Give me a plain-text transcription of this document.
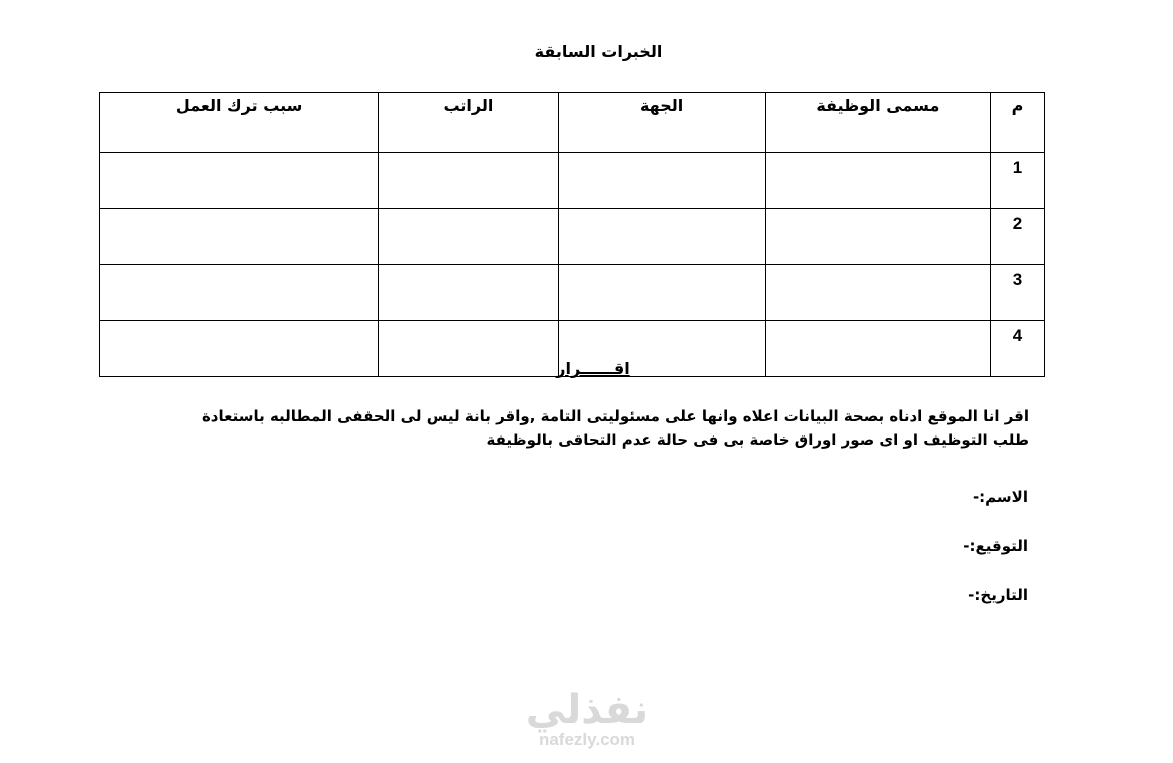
الخبرات السابقة
م	مسمى الوظيفة	الجهة	الراتب	سبب ترك العمل
1				
2				
3				
4				
اقــــــرار
اقر انا الموقع ادناه بصحة البيانات اعلاه وانها على مسئوليتى التامة ,واقر بانة ليس لى الحقفى المطالبه باستعادة طلب التوظيف او اى صور اوراق خاصة بى فى حالة عدم التحاقى بالوظيفة
الاسم:-
التوقيع:-
التاريخ:-
نفذلي
nafezly.com
